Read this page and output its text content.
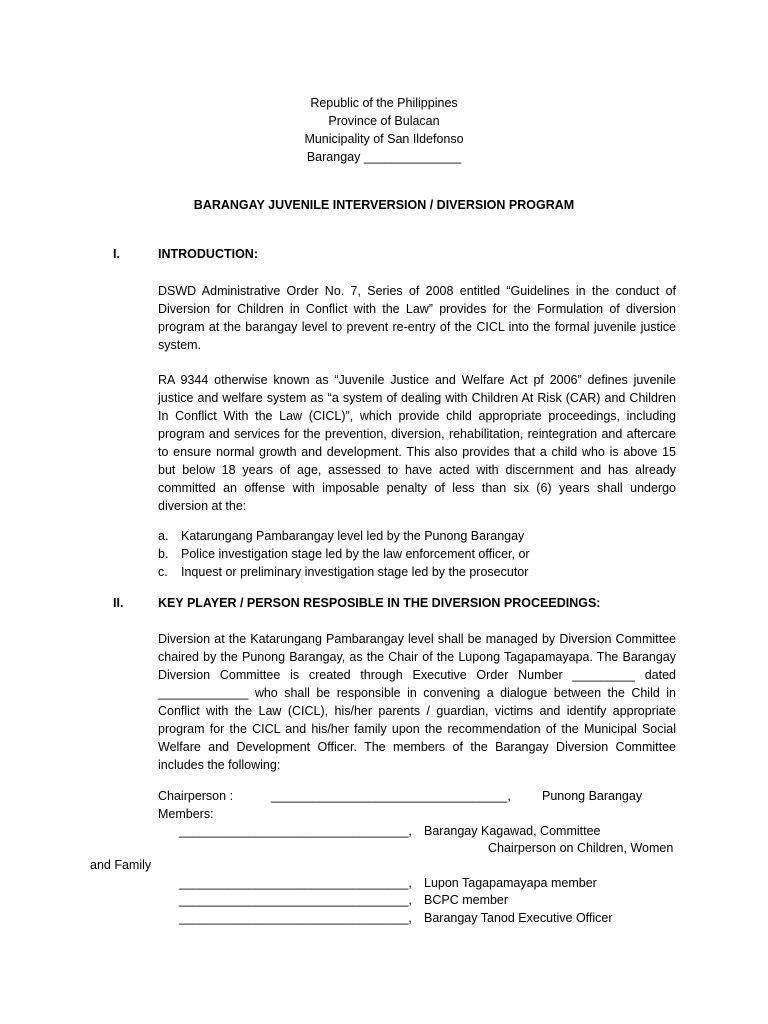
Republic of the Philippines
Province of Bulacan
Municipality of San Ildefonso
Barangay ______________
BARANGAY JUVENILE INTERVERSION / DIVERSION PROGRAM
I.	INTRODUCTION:
DSWD Administrative Order No. 7, Series of 2008 entitled “Guidelines in the conduct of Diversion for Children in Conflict with the Law” provides for the Formulation of diversion program at the barangay level to prevent re-entry of the CICL into the formal juvenile justice system.
RA 9344 otherwise known as “Juvenile Justice and Welfare Act pf 2006” defines juvenile justice and welfare system as “a system of dealing with Children At Risk (CAR) and Children In Conflict With the Law (CICL)”, which provide child appropriate proceedings, including program and services for the prevention, diversion, rehabilitation, reintegration and aftercare to ensure normal growth and development. This also provides that a child who is above 15 but below 18 years of age, assessed to have acted with discernment and has already committed an offense with imposable penalty of less than six (6) years shall undergo diversion at the:
a. Katarungang Pambarangay level led by the Punong Barangay
b. Police investigation stage led by the law enforcement officer, or
c. Inquest or preliminary investigation stage led by the prosecutor
II.	KEY PLAYER / PERSON RESPOSIBLE IN THE DIVERSION PROCEEDINGS:
Diversion at the Katarungang Pambarangay level shall be managed by Diversion Committee chaired by the Punong Barangay, as the Chair of the Lupong Tagapamayapa. The Barangay Diversion Committee is created through Executive Order Number _________ dated _____________ who shall be responsible in convening a dialogue between the Child in Conflict with the Law (CICL), his/her parents / guardian, victims and identify appropriate program for the CICL and his/her family upon the recommendation of the Municipal Social Welfare and Development Officer. The members of the Barangay Diversion Committee includes the following:
Chairperson :	__________________________________, Punong Barangay
Members:
_________________________________, Barangay Kagawad, Committee
Chairperson on Children, Women
and Family
_________________________________, Lupon Tagapamayapa member
_________________________________, BCPC member
_________________________________, Barangay Tanod Executive Officer
